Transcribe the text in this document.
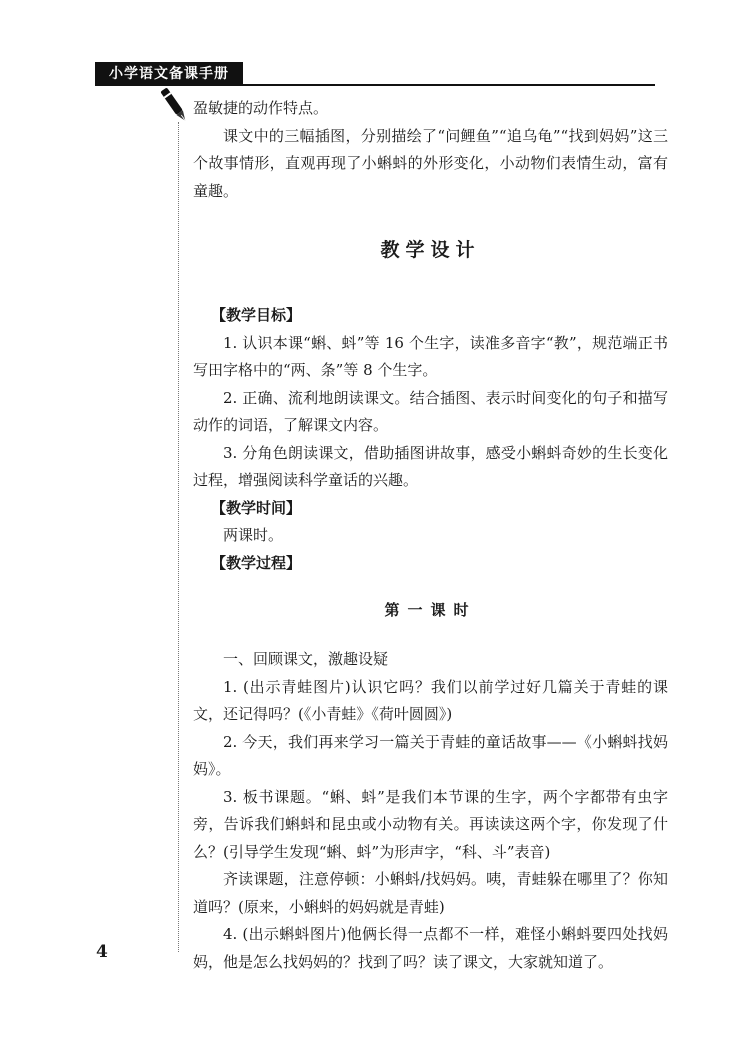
小学语文备课手册

盈敏捷的动作特点。

课文中的三幅插图，分别描绘了“问鲤鱼”“追乌龟”“找到妈妈”这三个故事情形，直观再现了小蝌蚪的外形变化，小动物们表情生动，富有童趣。

教学设计
【教学目标】

1. 认识本课“蝌、蚪”等 16 个生字，读准多音字“教”，规范端正书写田字格中的“两、条”等 8 个生字。

2. 正确、流利地朗读课文。结合插图、表示时间变化的句子和描写动作的词语，了解课文内容。

3. 分角色朗读课文，借助插图讲故事，感受小蝌蚪奇妙的生长变化过程，增强阅读科学童话的兴趣。

【教学时间】

两课时。

【教学过程】
第一课时

一、回顾课文，激趣设疑

1. (出示青蛙图片)认识它吗？我们以前学过好几篇关于青蛙的课文，还记得吗？(《小青蛙》《荷叶圆圆》)

2. 今天，我们再来学习一篇关于青蛙的童话故事——《小蝌蚪找妈妈》。

3. 板书课题。“蝌、蚪”是我们本节课的生字，两个字都带有虫字旁，告诉我们蝌蚪和昆虫或小动物有关。再读读这两个字，你发现了什么？(引导学生发现“蝌、蚪”为形声字，“科、斗”表音)

齐读课题，注意停顿：小蝌蚪/找妈妈。咦，青蛙躲在哪里了？你知道吗？(原来，小蝌蚪的妈妈就是青蛙)

4. (出示蝌蚪图片)他俩长得一点都不一样，难怪小蝌蚪要四处找妈妈，他是怎么找妈妈的？找到了吗？读了课文，大家就知道了。

4
